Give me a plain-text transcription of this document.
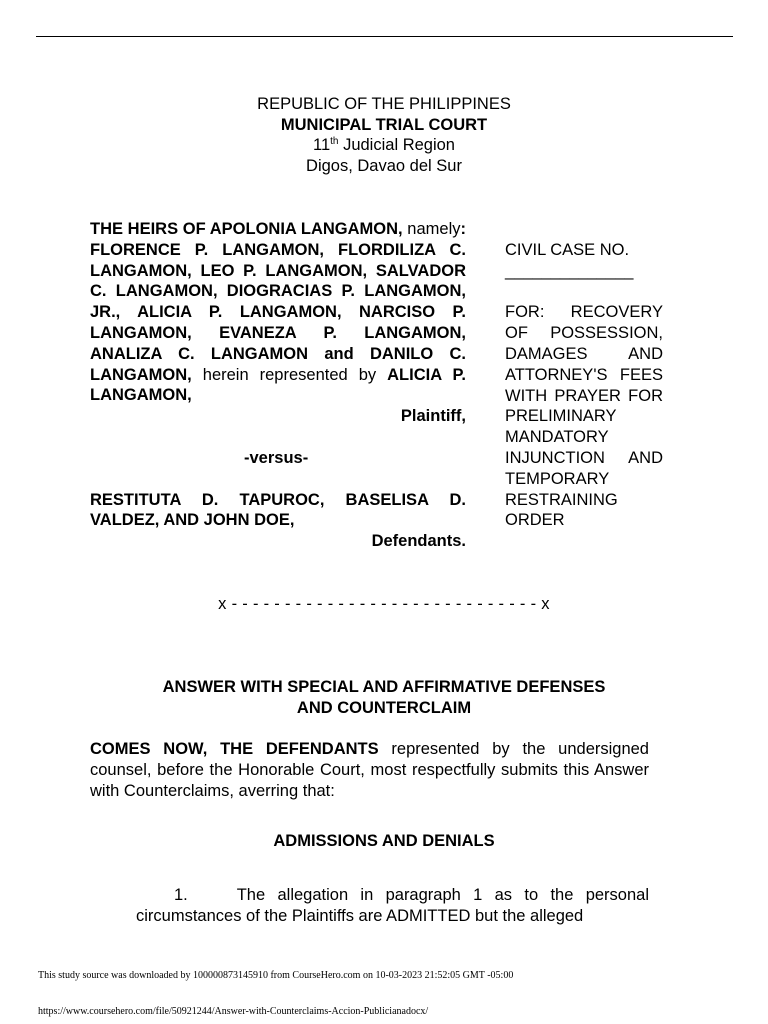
REPUBLIC OF THE PHILIPPINES
MUNICIPAL TRIAL COURT
11th Judicial Region
Digos, Davao del Sur
THE HEIRS OF APOLONIA LANGAMON, namely: FLORENCE P. LANGAMON, FLORDILIZA C. LANGAMON, LEO P. LANGAMON, SALVADOR C. LANGAMON, DIOGRACIAS P. LANGAMON, JR., ALICIA P. LANGAMON, NARCISO P. LANGAMON, EVANEZA P. LANGAMON, ANALIZA C. LANGAMON and DANILO C. LANGAMON, herein represented by ALICIA P. LANGAMON,
Plaintiff,
-versus-
RESTITUTA D. TAPUROC, BASELISA D. VALDEZ, AND JOHN DOE,
Defendants.
CIVIL CASE NO.
______________
FOR: RECOVERY OF POSSESSION, DAMAGES AND ATTORNEY'S FEES WITH PRAYER FOR PRELIMINARY MANDATORY INJUNCTION AND TEMPORARY RESTRAINING ORDER
x - - - - - - - - - - - - - - - - - - - - - - - - - - - - - x
ANSWER WITH SPECIAL AND AFFIRMATIVE DEFENSES
AND COUNTERCLAIM
COMES NOW, THE DEFENDANTS represented by the undersigned counsel, before the Honorable Court, most respectfully submits this Answer with Counterclaims, averring that:
ADMISSIONS AND DENIALS
1.    The allegation in paragraph 1 as to the personal circumstances of the Plaintiffs are ADMITTED but the alleged
This study source was downloaded by 100000873145910 from CourseHero.com on 10-03-2023 21:52:05 GMT -05:00
https://www.coursehero.com/file/50921244/Answer-with-Counterclaims-Accion-Publicianadocx/
